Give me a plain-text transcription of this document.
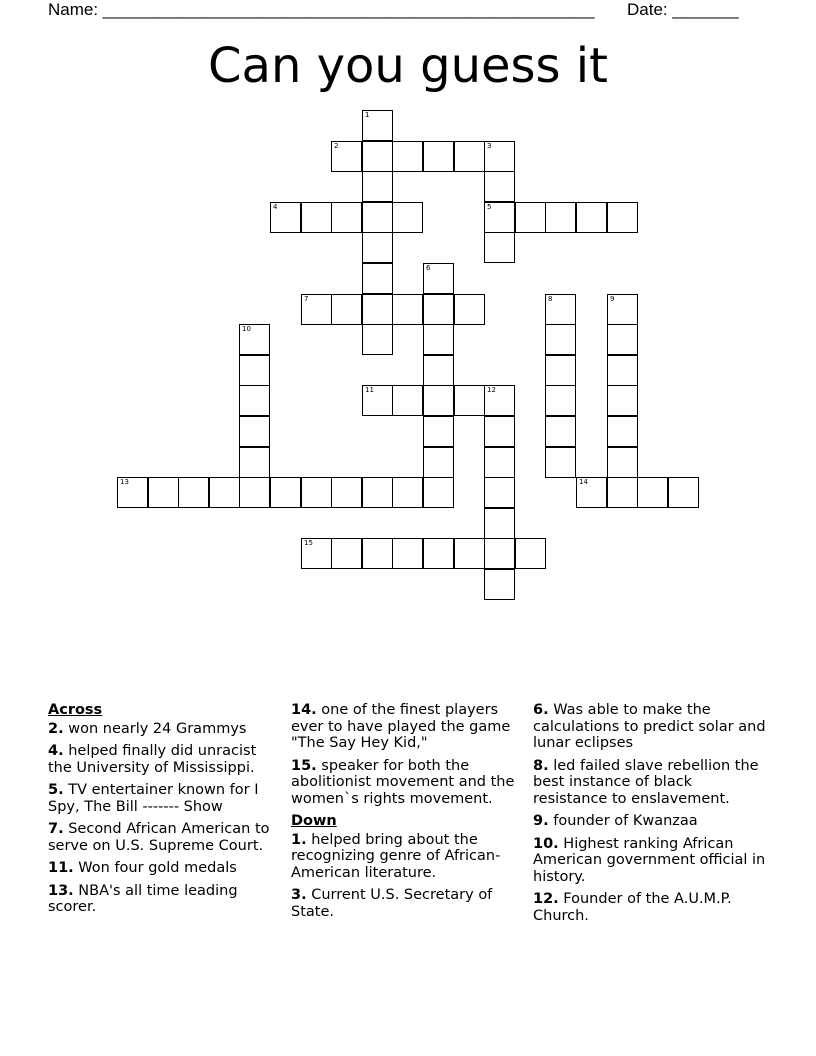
Name: ____________________________________________________ Date: _______
Can you guess it
1
2	3
5
4
6
7	8	9
10
11	12
13	14
15
Across
2. won nearly 24 Grammys
4. helped finally did unracist the University of Mississippi.
5. TV entertainer known for I Spy, The Bill ------- Show
7. Second African American to serve on U.S. Supreme Court.
11. Won four gold medals
13. NBA's all time leading scorer.
14. one of the finest players ever to have played the game "The Say Hey Kid,"
15. speaker for both the abolitionist movement and the women`s rights movement.
Down
1. helped bring about the recognizing genre of African-American literature.
3. Current U.S. Secretary of State.
6. Was able to make the calculations to predict solar and lunar eclipses
8. led failed slave rebellion the best instance of black resistance to enslavement.
9. founder of Kwanzaa
10. Highest ranking African American government official in history.
12. Founder of the A.U.M.P. Church.
